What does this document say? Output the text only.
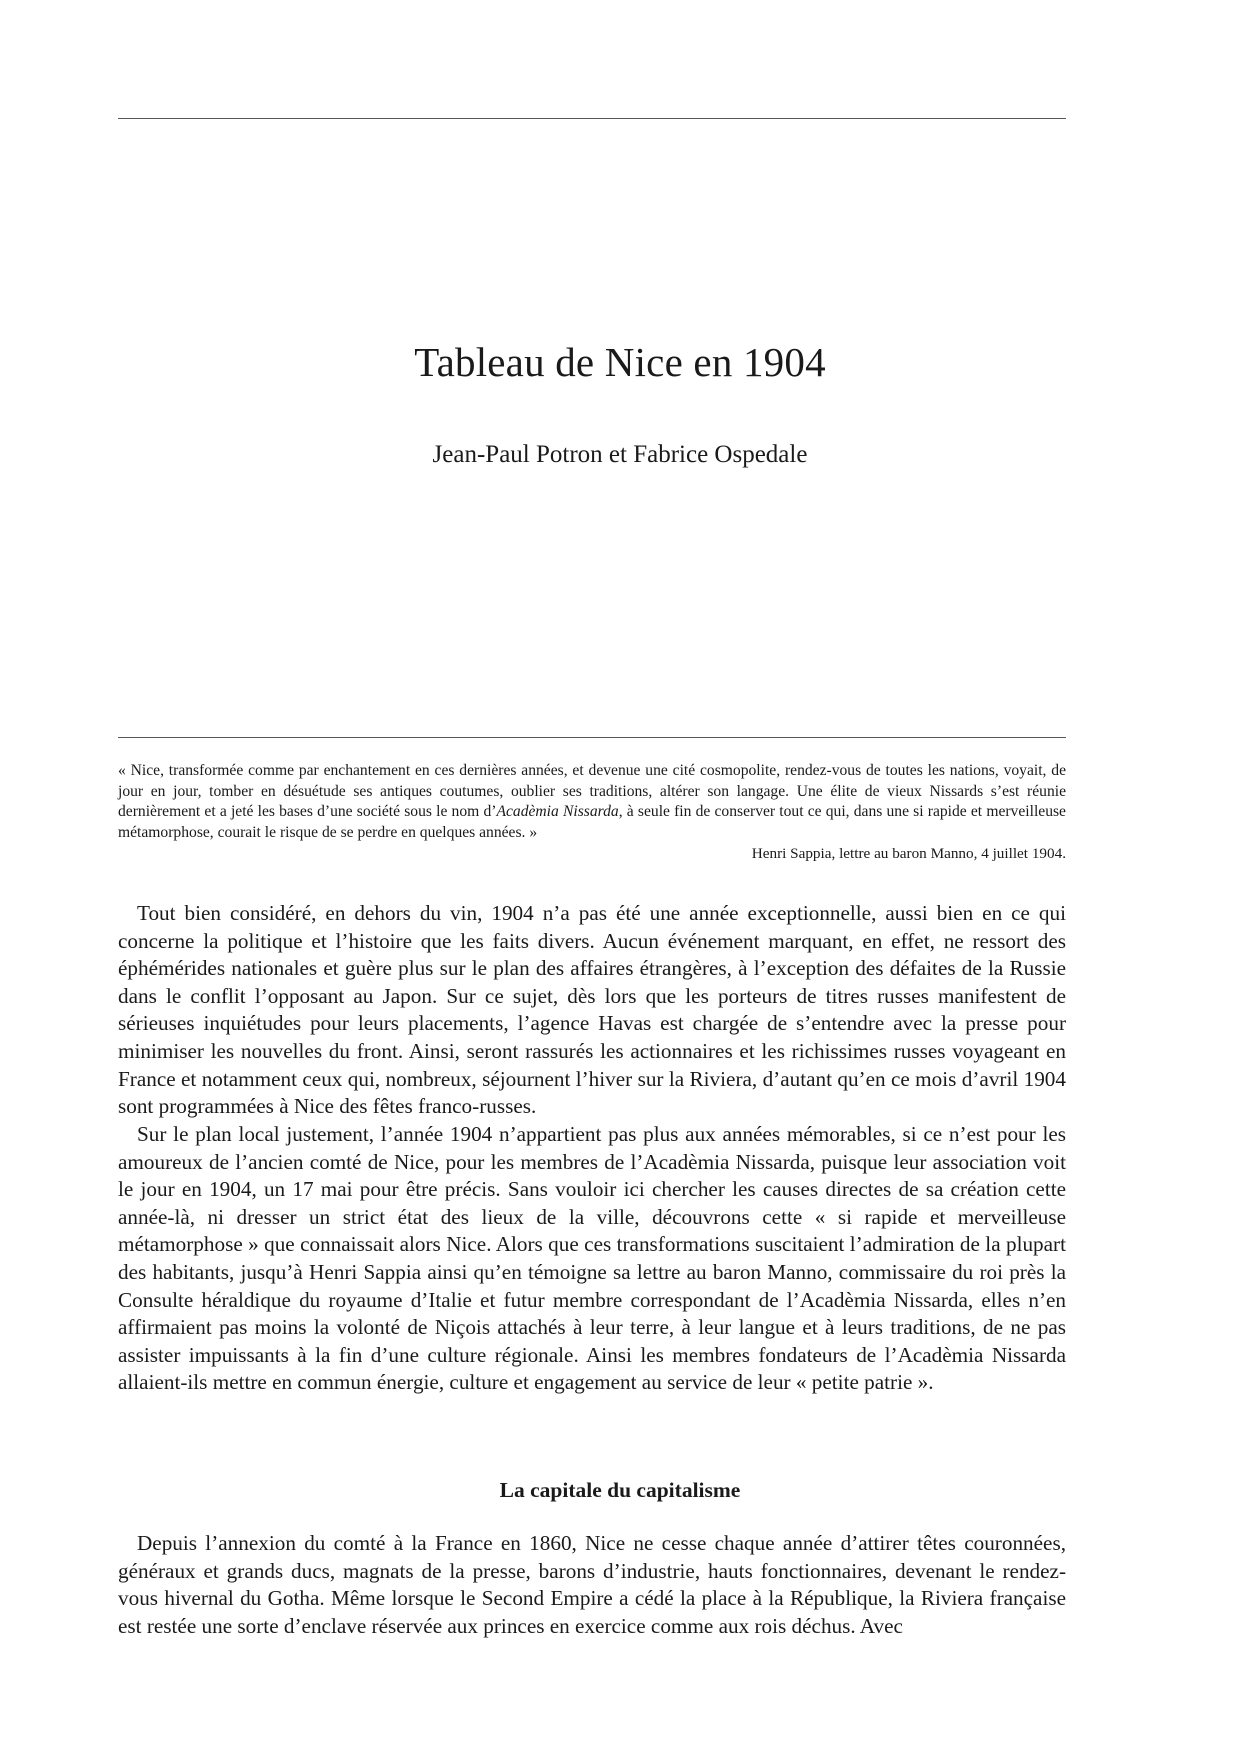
Tableau de Nice en 1904

Jean-Paul Potron et Fabrice Ospedale

« Nice, transformée comme par enchantement en ces dernières années, et devenue une cité cosmopolite, rendez-vous de toutes les nations, voyait, de jour en jour, tomber en désuétude ses antiques coutumes, oublier ses traditions, altérer son langage. Une élite de vieux Nissards s’est réunie dernièrement et a jeté les bases d’une société sous le nom d’Acadèmia Nissarda, à seule fin de conserver tout ce qui, dans une si rapide et merveilleuse métamorphose, courait le risque de se perdre en quelques années. »

Henri Sappia, lettre au baron Manno, 4 juillet 1904.

Tout bien considéré, en dehors du vin, 1904 n’a pas été une année exceptionnelle, aussi bien en ce qui concerne la politique et l’histoire que les faits divers. Aucun événement marquant, en effet, ne ressort des éphémérides nationales et guère plus sur le plan des affaires étrangères, à l’exception des défaites de la Russie dans le conflit l’opposant au Japon. Sur ce sujet, dès lors que les porteurs de titres russes manifestent de sérieuses inquiétudes pour leurs placements, l’agence Havas est chargée de s’entendre avec la presse pour minimiser les nouvelles du front. Ainsi, seront rassurés les actionnaires et les richissimes russes voyageant en France et notamment ceux qui, nombreux, séjournent l’hiver sur la Riviera, d’autant qu’en ce mois d’avril 1904 sont programmées à Nice des fêtes franco-russes.

Sur le plan local justement, l’année 1904 n’appartient pas plus aux années mémorables, si ce n’est pour les amoureux de l’ancien comté de Nice, pour les membres de l’Acadèmia Nissarda, puisque leur association voit le jour en 1904, un 17 mai pour être précis. Sans vouloir ici chercher les causes directes de sa création cette année-là, ni dresser un strict état des lieux de la ville, découvrons cette « si rapide et merveilleuse métamorphose » que connaissait alors Nice. Alors que ces transformations suscitaient l’admiration de la plupart des habitants, jusqu’à Henri Sappia ainsi qu’en témoigne sa lettre au baron Manno, commissaire du roi près la Consulte héraldique du royaume d’Italie et futur membre correspondant de l’Acadèmia Nissarda, elles n’en affirmaient pas moins la volonté de Niçois attachés à leur terre, à leur langue et à leurs traditions, de ne pas assister impuissants à la fin d’une culture régionale. Ainsi les membres fondateurs de l’Acadèmia Nissarda allaient-ils mettre en commun énergie, culture et engagement au service de leur « petite patrie ».

La capitale du capitalisme

Depuis l’annexion du comté à la France en 1860, Nice ne cesse chaque année d’attirer têtes couronnées, généraux et grands ducs, magnats de la presse, barons d’industrie, hauts fonctionnaires, devenant le rendez-vous hivernal du Gotha. Même lorsque le Second Empire a cédé la place à la République, la Riviera française est restée une sorte d’enclave réservée aux princes en exercice comme aux rois déchus. Avec
